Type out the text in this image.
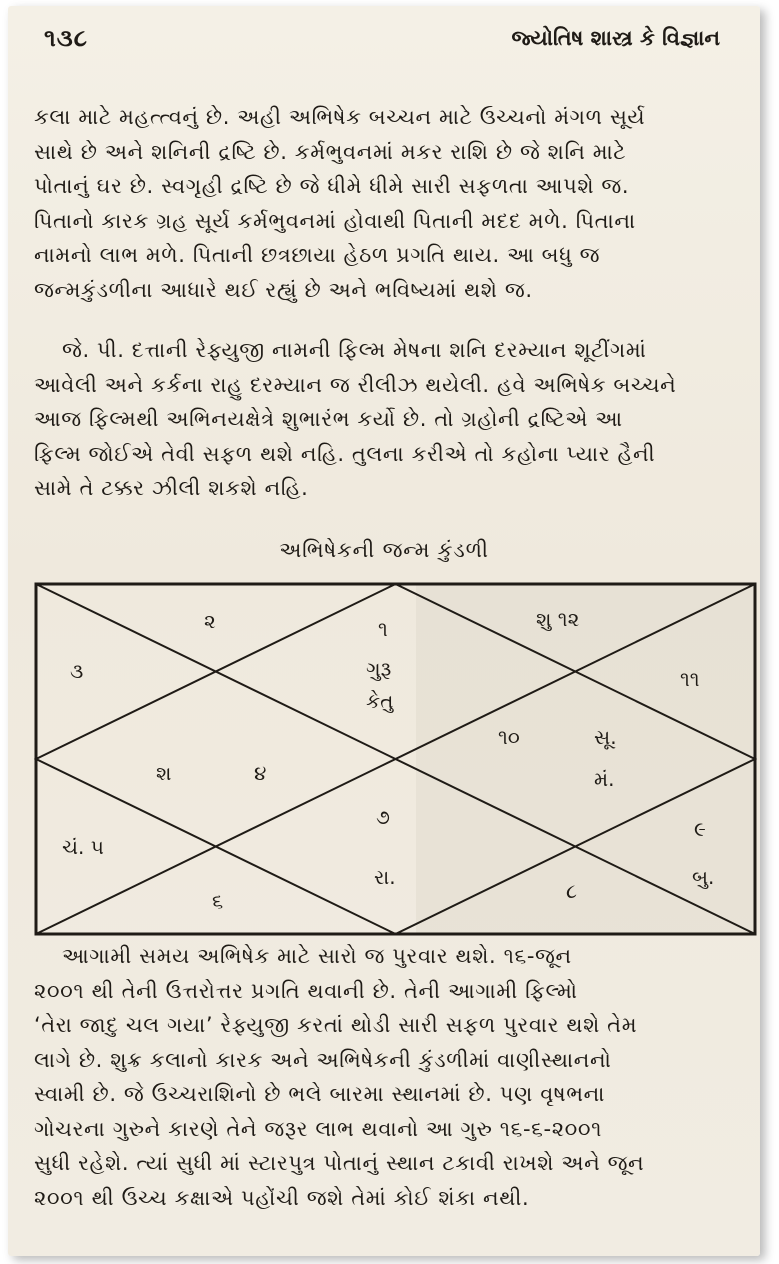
૧૩૮	જ્યોતિષ શાસ્ત્ર કે વિજ્ઞાન

કલા માટે મહત્ત્વનું છે. અહી અભિષેક બચ્ચન માટે ઉચ્ચનો મંગળ સૂર્ય
સાથે છે અને શનિની દ્રષ્ટિ છે. કર્મભુવનમાં મકર રાશિ છે જે શનિ માટે
પોતાનું ઘર છે. સ્વગૃહી દ્રષ્ટિ છે જે ધીમે ધીમે સારી સફળતા આપશે જ.
પિતાનો કારક ગ્રહ સૂર્ય કર્મભુવનમાં હોવાથી પિતાની મદદ મળે. પિતાના
નામનો લાભ મળે. પિતાની છત્રછાયા હેઠળ પ્રગતિ થાય. આ બધુ જ
જન્મકુંડળીના આધારે થઈ રહ્યું છે અને ભવિષ્યમાં થશે જ.

જે. પી. દત્તાની રેફ્યુજી નામની ફિલ્મ મેષના શનિ દરમ્યાન શૂટીંગમાં
આવેલી અને કર્કના રાહુ દરમ્યાન જ રીલીઝ થયેલી. હવે અભિષેક બચ્ચને
આજ ફિલ્મથી અભિનયક્ષેત્રે શુભારંભ કર્યો છે. તો ગ્રહોની દ્રષ્ટિએ આ
ફિલ્મ જોઈએ તેવી સફળ થશે નહિ. તુલના કરીએ તો કહોના પ્યાર હૈની
સામે તે ટક્કર ઝીલી શકશે નહિ.

અભિષેકની જન્મ કુંડળી
૨	૧
ગુરૂ
કેતુ
શુ ૧૨
૩	૧૧
૧૦	સૂ.
મં.
શ	૪
૭
ચં. ૫
૯
રા.	બુ.
૬	૮

આગામી સમય અભિષેક માટે સારો જ પુરવાર થશે. ૧૬-જૂન
૨૦૦૧ થી તેની ઉત્તરોત્તર પ્રગતિ થવાની છે. તેની આગામી ફિલ્મો
‘તેરા જાદુ ચલ ગયા’ રેફ્યુજી કરતાં થોડી સારી સફળ પુરવાર થશે તેમ
લાગે છે. શુક્ર કલાનો કારક અને અભિષેકની કુંડળીમાં વાણીસ્થાનનો
સ્વામી છે. જે ઉચ્ચરાશિનો છે ભલે બારમા સ્થાનમાં છે. પણ વૃષભના
ગોચરના ગુરુને કારણે તેને જરૂર લાભ થવાનો આ ગુરુ ૧૬-૬-૨૦૦૧
સુધી રહેશે. ત્યાં સુધી માં સ્ટારપુત્ર પોતાનું સ્થાન ટકાવી રાખશે અને જૂન
૨૦૦૧ થી ઉચ્ચ કક્ષાએ પહોંચી જશે તેમાં કોઈ શંકા નથી.
